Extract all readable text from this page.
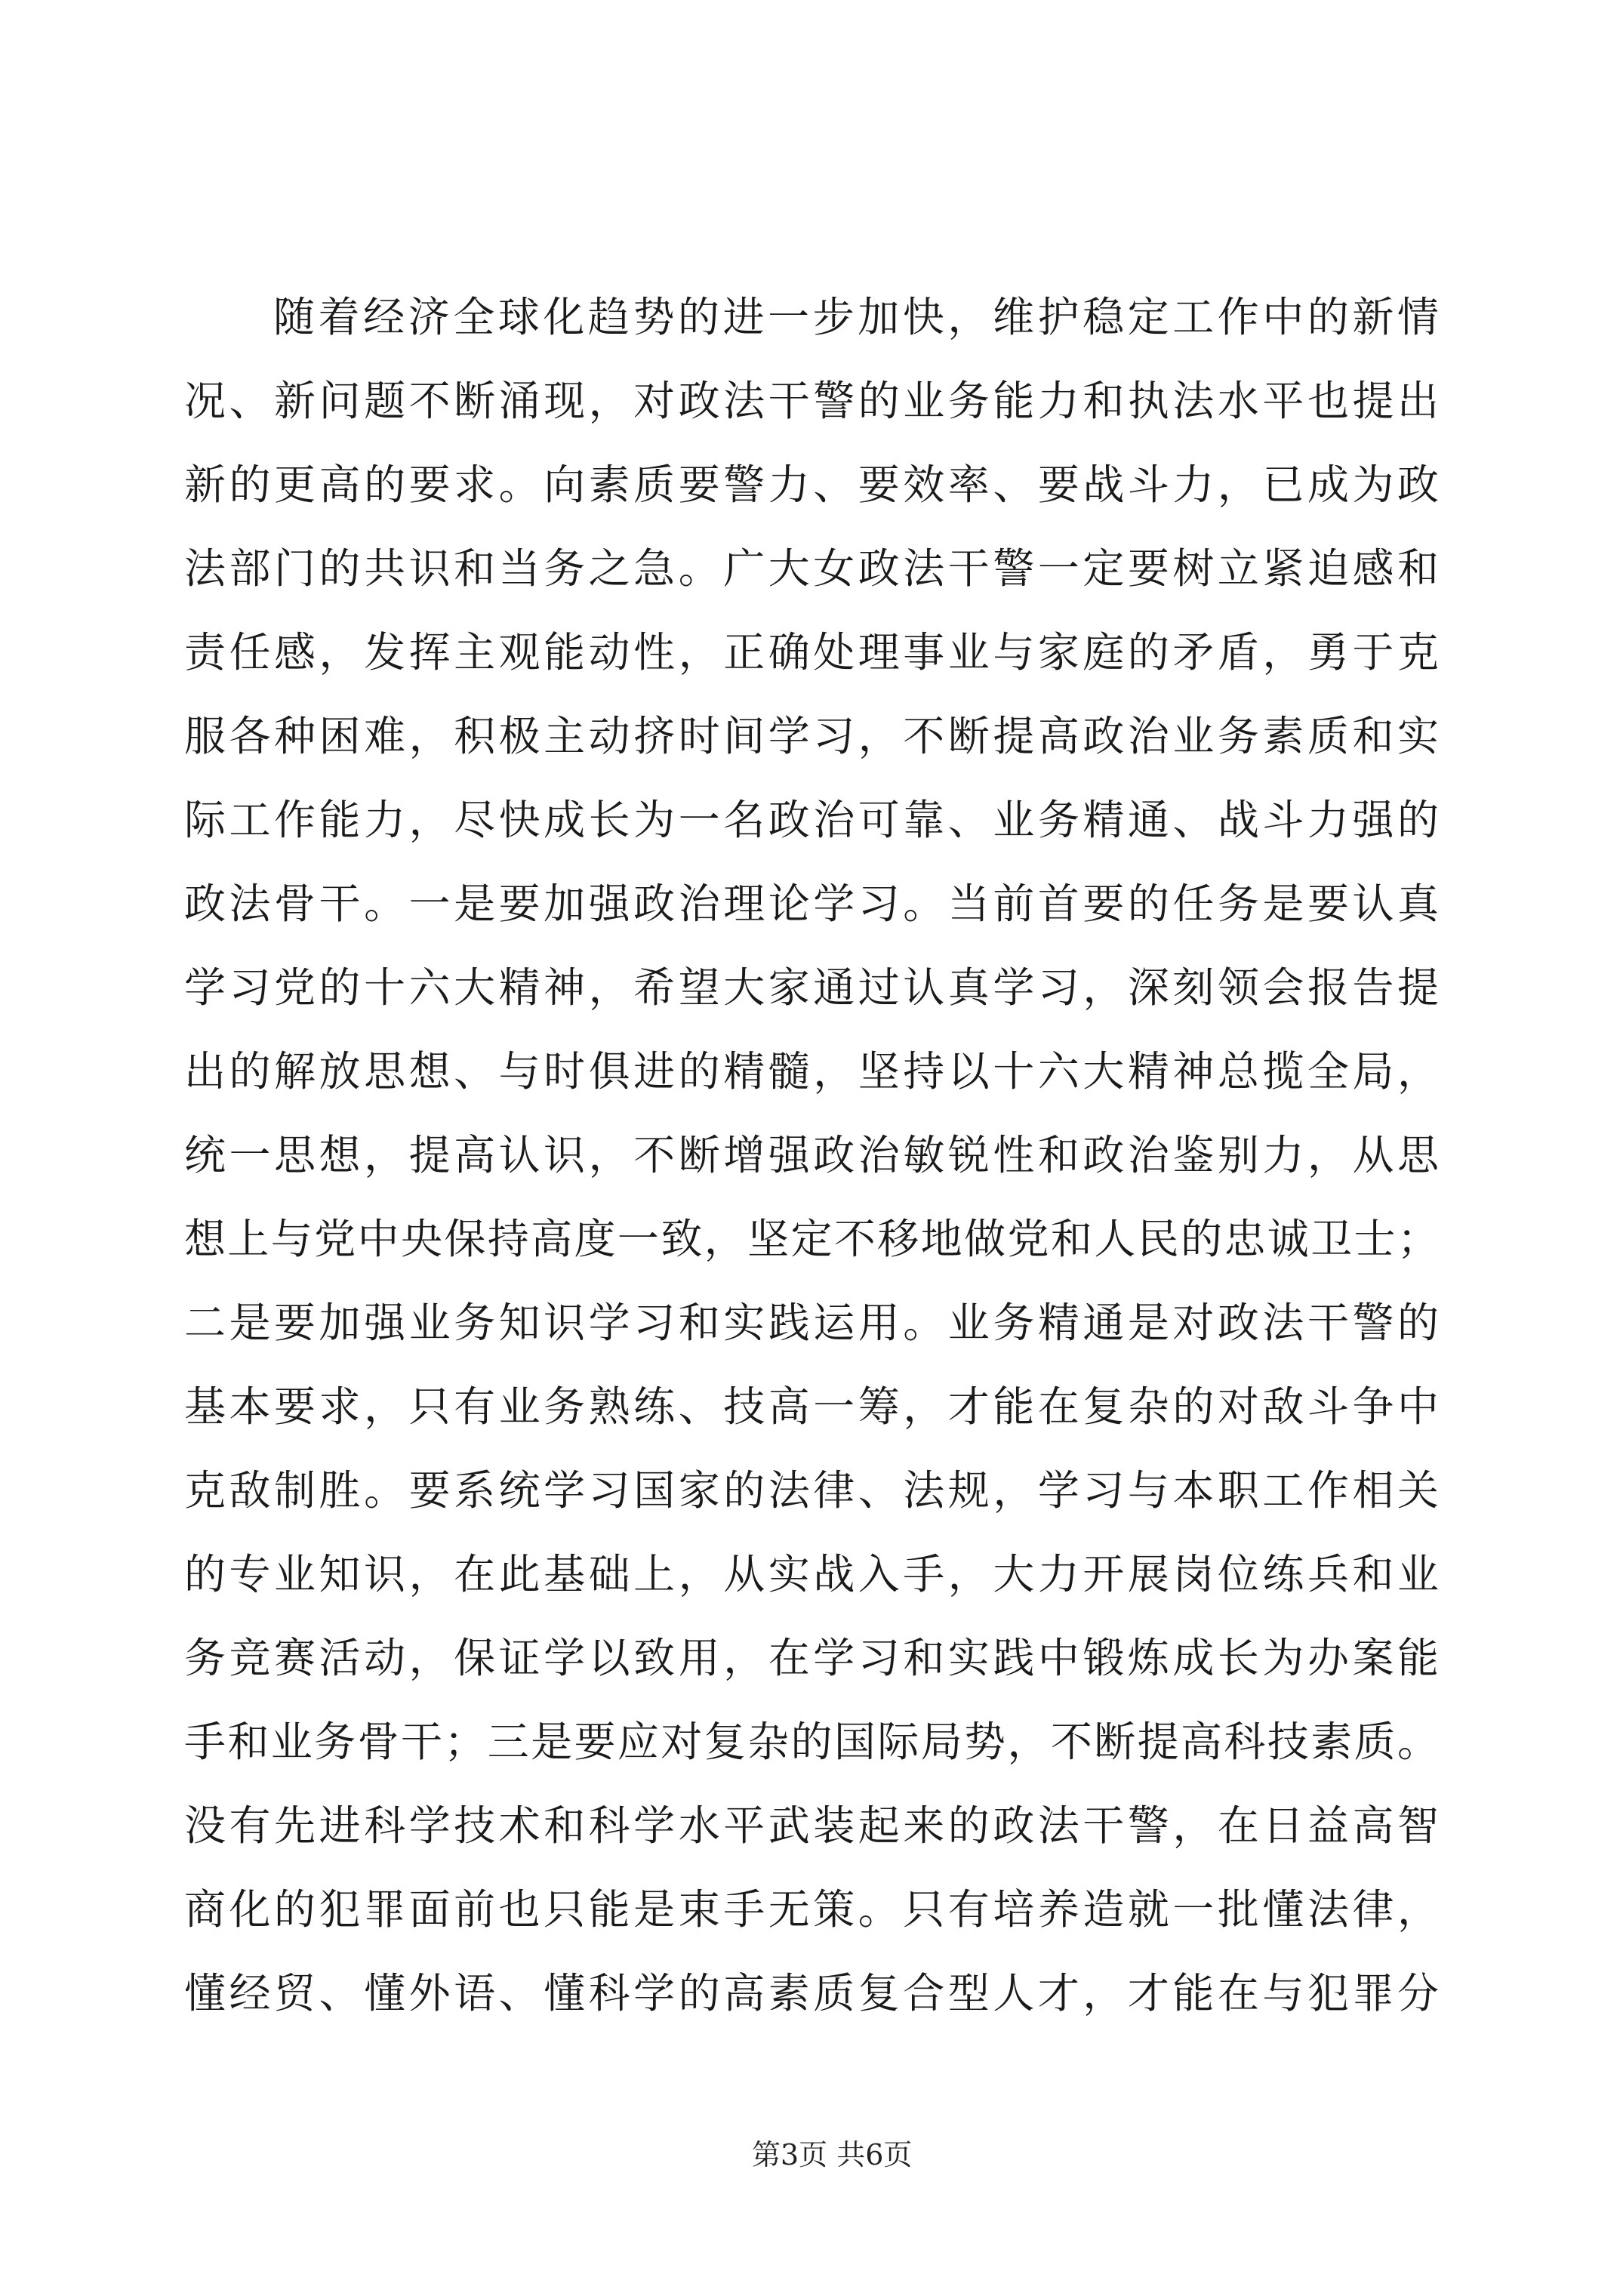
随着经济全球化趋势的进一步加快，维护稳定工作中的新情
况、新问题不断涌现，对政法干警的业务能力和执法水平也提出
新的更高的要求。向素质要警力、要效率、要战斗力，已成为政
法部门的共识和当务之急。广大女政法干警一定要树立紧迫感和
责任感，发挥主观能动性，正确处理事业与家庭的矛盾，勇于克
服各种困难，积极主动挤时间学习，不断提高政治业务素质和实
际工作能力，尽快成长为一名政治可靠、业务精通、战斗力强的
政法骨干。一是要加强政治理论学习。当前首要的任务是要认真
学习党的十六大精神，希望大家通过认真学习，深刻领会报告提
出的解放思想、与时俱进的精髓，坚持以十六大精神总揽全局，
统一思想，提高认识，不断增强政治敏锐性和政治鉴别力，从思
想上与党中央保持高度一致，坚定不移地做党和人民的忠诚卫士；
二是要加强业务知识学习和实践运用。业务精通是对政法干警的
基本要求，只有业务熟练、技高一筹，才能在复杂的对敌斗争中
克敌制胜。要系统学习国家的法律、法规，学习与本职工作相关
的专业知识，在此基础上，从实战入手，大力开展岗位练兵和业
务竞赛活动，保证学以致用，在学习和实践中锻炼成长为办案能
手和业务骨干；三是要应对复杂的国际局势，不断提高科技素质。
没有先进科学技术和科学水平武装起来的政法干警，在日益高智
商化的犯罪面前也只能是束手无策。只有培养造就一批懂法律，
懂经贸、懂外语、懂科学的高素质复合型人才，才能在与犯罪分
第3页 共6页
